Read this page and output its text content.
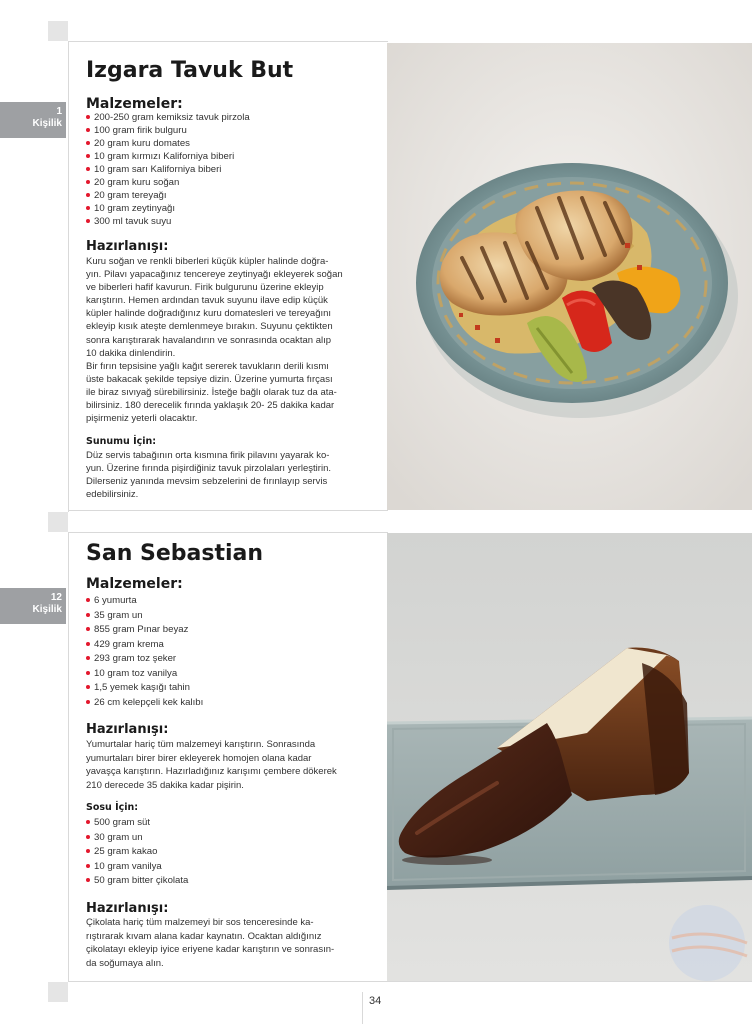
1
Kişilik
Izgara Tavuk But
Malzemeler:
200-250 gram kemiksiz tavuk pirzola
100 gram firik bulguru
20 gram kuru domates
10 gram kırmızı Kaliforniya biberi
10 gram sarı Kaliforniya biberi
20 gram kuru soğan
20 gram tereyağı
10 gram zeytinyağı
300 ml tavuk suyu
Hazırlanışı:
Kuru soğan ve renkli biberleri küçük küpler halinde doğra-
yın. Pilavı yapacağınız tencereye zeytinyağı ekleyerek soğan
ve biberleri hafif kavurun. Firik bulgurunu üzerine ekleyip
karıştırın. Hemen ardından tavuk suyunu ilave edip küçük
küpler halinde doğradığınız kuru domatesleri ve tereyağını
ekleyip kısık ateşte demlenmeye bırakın. Suyunu çektikten
sonra karıştırarak havalandırın ve sonrasında ocaktan alıp
10 dakika dinlendirin.
Bir fırın tepsisine yağlı kağıt sererek tavukların derili kısmı
üste bakacak şekilde tepsiye dizin. Üzerine yumurta fırçası
ile biraz sıvıyağ sürebilirsiniz. İsteğe bağlı olarak tuz da ata-
bilirsiniz. 180 derecelik fırında yaklaşık 20- 25 dakika kadar
pişirmeniz yeterli olacaktır.
Sunumu İçin:
Düz servis tabağının orta kısmına firik pilavını yayarak ko-
yun. Üzerine fırında pişirdiğiniz tavuk pirzolaları yerleştirin.
Dilerseniz yanında mevsim sebzelerini de fırınlayıp servis
edebilirsiniz.
12
Kişilik
San Sebastian
Malzemeler:
6 yumurta
35 gram un
855 gram Pınar beyaz
429 gram krema
293 gram toz şeker
10 gram toz vanilya
1,5 yemek kaşığı tahin
26 cm kelepçeli kek kalıbı
Hazırlanışı:
Yumurtalar hariç tüm malzemeyi karıştırın. Sonrasında
yumurtaları birer birer ekleyerek homojen olana kadar
yavaşça karıştırın. Hazırladığınız karışımı çembere dökerek
210 derecede 35 dakika kadar pişirin.
Sosu İçin:
500 gram süt
30 gram un
25 gram kakao
10 gram vanilya
50 gram bitter çikolata
Hazırlanışı:
Çikolata hariç tüm malzemeyi bir sos tenceresinde ka-
rıştırarak kıvam alana kadar kaynatın. Ocaktan aldığınız
çikolatayı ekleyip iyice eriyene kadar karıştırın ve sonrasın-
da soğumaya alın.
34
